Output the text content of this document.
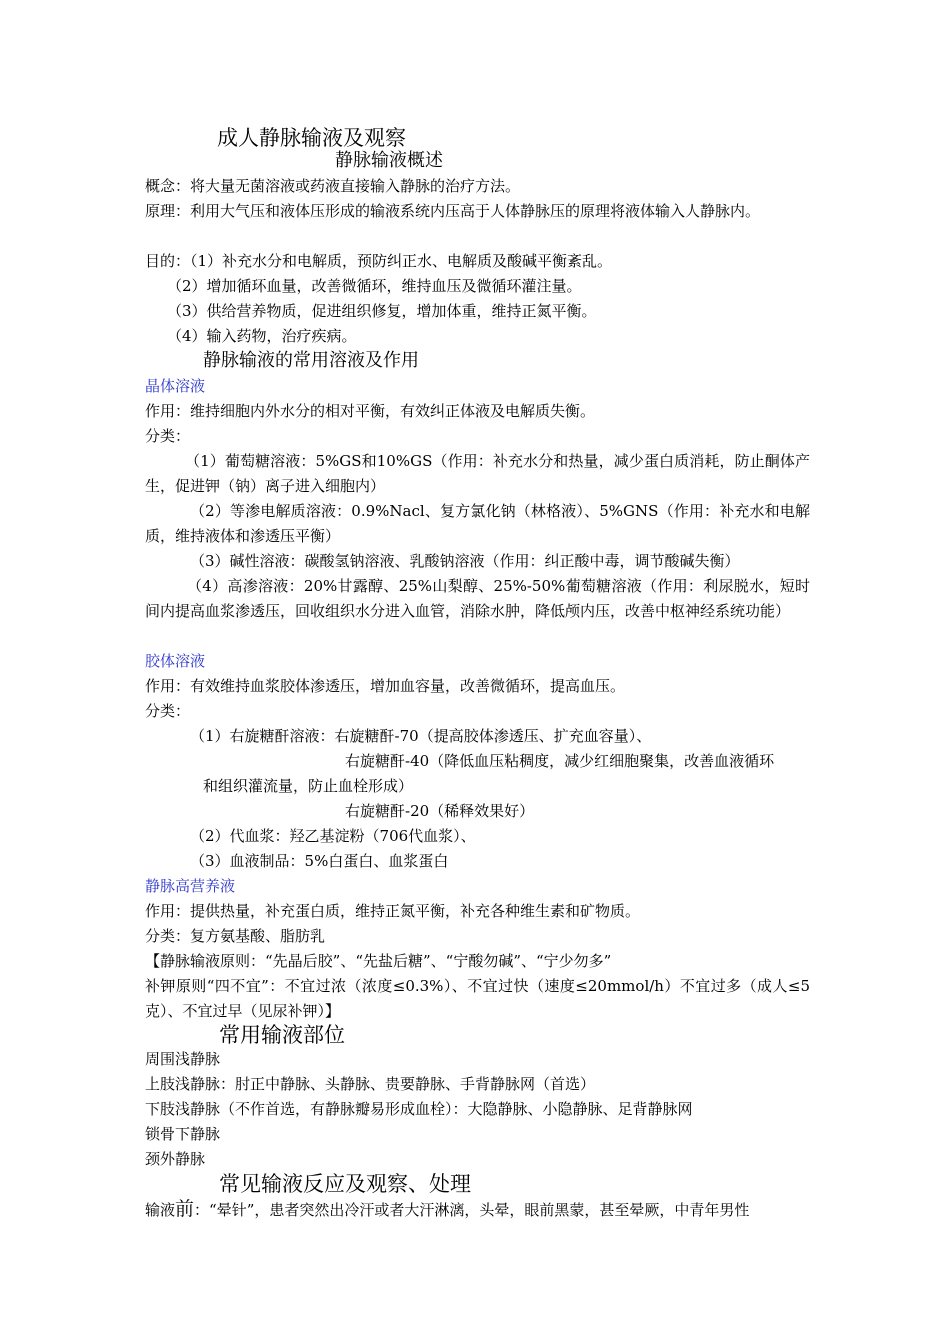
成人静脉输液及观察
静脉输液概述
概念：将大量无菌溶液或药液直接输入静脉的治疗方法。
原理：利用大气压和液体压形成的输液系统内压高于人体静脉压的原理将液体输入人静脉内。
目的：（1）补充水分和电解质，预防纠正水、电解质及酸碱平衡紊乱。
（2）增加循环血量，改善微循环，维持血压及微循环灌注量。
（3）供给营养物质，促进组织修复，增加体重，维持正氮平衡。
（4）输入药物，治疗疾病。
静脉输液的常用溶液及作用
晶体溶液
作用：维持细胞内外水分的相对平衡，有效纠正体液及电解质失衡。
分类：
（1）葡萄糖溶液：5%GS和10%GS（作用：补充水分和热量，减少蛋白质消耗，防止酮体产生，促进钾（钠）离子进入细胞内）
（2）等渗电解质溶液：0.9%Nacl、复方氯化钠（林格液）、5%GNS（作用：补充水和电解质，维持液体和渗透压平衡）
（3）碱性溶液：碳酸氢钠溶液、乳酸钠溶液（作用：纠正酸中毒，调节酸碱失衡）
（4）高渗溶液：20%甘露醇、25%山梨醇、25%-50%葡萄糖溶液（作用：利尿脱水，短时间内提高血浆渗透压，回收组织水分进入血管，消除水肿，降低颅内压，改善中枢神经系统功能）
胶体溶液
作用：有效维持血浆胶体渗透压，增加血容量，改善微循环，提高血压。
分类：
（1）右旋糖酐溶液：右旋糖酐-70（提高胶体渗透压、扩充血容量）、
右旋糖酐-40（降低血压粘稠度，减少红细胞聚集，改善血液循环
和组织灌流量，防止血栓形成）
右旋糖酐-20（稀释效果好）
（2）代血浆：羟乙基淀粉（706代血浆）、
（3）血液制品：5%白蛋白、血浆蛋白
静脉高营养液
作用：提供热量，补充蛋白质，维持正氮平衡，补充各种维生素和矿物质。
分类：复方氨基酸、脂肪乳
【静脉输液原则：“先晶后胶”、“先盐后糖”、“宁酸勿碱”、“宁少勿多”
补钾原则“四不宜”：不宜过浓（浓度≤0.3%）、不宜过快（速度≤20mmol/h）不宜过多（成人≤5克）、不宜过早（见尿补钾）】
常用输液部位
周围浅静脉
上肢浅静脉：肘正中静脉、头静脉、贵要静脉、手背静脉网（首选）
下肢浅静脉（不作首选，有静脉瓣易形成血栓）：大隐静脉、小隐静脉、足背静脉网
锁骨下静脉
颈外静脉
常见输液反应及观察、处理
输液前：“晕针”，患者突然出冷汗或者大汗淋漓，头晕，眼前黑蒙，甚至晕厥，中青年男性
